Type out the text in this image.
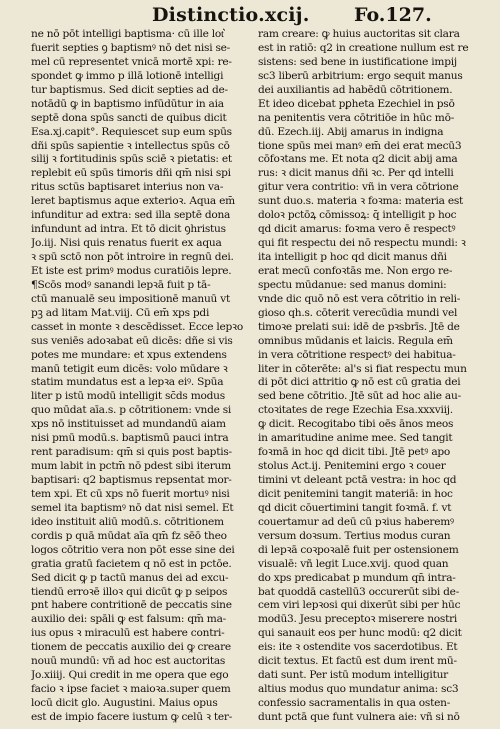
Distinctio.xcij. Fo.127.
ne nō pōt intelligi baptisma· cū ille lot͛
fuerit septies ꝯ baptismꝰ nō det nisi se-
mel cū representet vnicā mortē xpi: re-
spondet ꝙ immo p illā lotionē intelligi
tur baptismus. Sed dicit septies ad de-
notādū ꝙ in baptismo infūdūtur in aia
septē dona spūs sancti de quibus dicit
Esa.xj.capit°. Requiescet sup eum spūs
dñi spūs sapientie ꝛ intellectus spūs cō
silij ꝛ fortitudinis spūs sciē ꝛ pietatis: et
replebit eū spūs timoris dñi qm̄ nisi spi
ritus sctūs baptisaret interius non va-
leret baptismus aque exterioꝛ. Aqua em̄
infunditur ad extra: sed illa septē dona
infundunt ad intra. Et tō dicit ꝯhristus
Jo.iij. Nisi quis renatus fuerit ex aqua
ꝛ spū sctō non pōt introire in regnū dei.
Et iste est primꝰ modus curatiōis lepre.
¶Scōs modꝰ sanandi lepꝛā fuit p tā-
ctū manualē seu impositionē manuū vt
pꝫ ad litam Mat.viij. Cū em̄ xps pdi
casset in monte ꝛ descēdisset. Ecce lepꝛo
sus veniēs adoꝛabat eū dicēs: dñe si vis
potes me mundare: et xpus extendens
manū tetigit eum dicēs: volo mūdare ꝛ
statim mundatus est a lepꝛa eiꝰ. Spūa
liter p istū modū intelligit sc̄ds modus
quo mūdat aīa.s. p cōtritionem: vnde si
xps nō instituisset ad mundandū aiam
nisi pmū modū.s. baptismū pauci intra
rent paradisum: qm̄ si quis post baptis-
mum labit in pctm̄ nō pdest sibi iterum
baptisari: q2 baptismus repsentat mor-
tem xpi. Et cū xps nō fuerit mortuꝰ nisi
semel ita baptismꝰ nō dat nisi semel. Et
ideo instituit aliū modū.s. cōtritionem
cordis p quā mūdat aīa qm̄ fz sēō theo
logos cōtritio vera non pōt esse sine dei
gratia gratū facietem q nō est in pctōe.
Sed dicit ꝙ p tactū manus dei ad excu-
tiendū erroꝛē illoꝛ qui dicūt ꝙ p seipos
pnt habere contritionē de peccatis sine
auxilio dei: spāli ꝙ est falsum: qm̄ ma-
ius opus ꝛ miraculū est habere contri-
tionem de peccatis auxilio dei ꝙ creare
nouū mundū: vñ ad hoc est auctoritas
Jo.xiiij. Qui credit in me opera que ego
facio ꝛ ipse faciet ꝛ maioꝛa.super quem
locū dicit glo. Augustini. Maius opus
est de impio facere iustum ꝙ celū ꝛ ter-
ram creare: ꝙ huius auctoritas sit clara
est in ratiō: q2 in creatione nullum est re
sistens: sed bene in iustificatione impij
sc3 liberū arbitrium: ergo sequit manus
dei auxiliantis ad habēdū cōtritionem.
Et ideo dicebat pꝑheta Ezechiel in psō
na penitentis vera cōtritiōe in hūc mō-
dū. Ezech.iij. Abij amarus in indigna
tione spūs mei manꝰ em̄ dei erat mecū3
cōfoꝛtans me. Et nota q2 dicit abij ama
rus: ꝛ dicit manus dñi ꝛc. Per qd̄ intelli
gitur vera contritio: vñ in vera cōtrione
sunt duo.s. materia ꝛ foꝛma: materia est
doloꝛ pctōꝝ cōmissoꝝ: q̄ intelligit p hoc
qd̄ dicit amarus: foꝛma vero ē respectꝰ
qui fit respectu dei nō respectu mundi: ꝛ
ita intelligit p hoc qd̄ dicit manus dñi
erat mecū confoꝛtās me. Non ergo re-
spectu mūdanue: sed manus domini:
vnde dic quō nō est vera cōtritio in reli-
gioso qh.s. cōterit verecūdia mundi vel
timoꝛe prelati sui: idē de pꝛsbrīs. Jtē de
omnibus mūdanis et laicis. Regula em̄
in vera cōtritione respectꝰ dei habitua-
liter in cōterēte: al's si fiat respectu mun
di pōt dici attritio ꝙ nō est cū gratia dei
sed bene cōtritio. Jtē sūt ad hoc alie au-
ctoꝛitates de rege Ezechia Esa.xxxviij.
ꝙ dicit. Recogitabo tibi oēs ānos meos
in amaritudine anime mee. Sed tangit
foꝛmā in hoc qd̄ dicit tibi. Jtē petꝰ apo
stolus Act.ij. Penitemini ergo ꝛ couer
timini vt deleant pctā vestra: in hoc qd̄
dicit penitemini tangit materiā: in hoc
qd̄ dicit cōuertimini tangit foꝛmā. f. vt
couertamur ad deū cū pꝛius haberemꝰ
versum doꝛsum. Tertius modus curan
di lepꝛā coꝛpoꝛalē fuit per ostensionem
visualē: vñ legit Luce.xvij. quod quan
do xps predicabat p mundum qn̄ intra-
bat quoddā castellū3 occurerūt sibi de-
cem viri lepꝛosi qui dixerūt sibi per hūc
modū3. Jesu preceptoꝛ miserere nostri
qui sanauit eos per hunc modū: q2 dicit
eis: ite ꝛ ostendite vos sacerdotibus. Et
dicit textus. Et factū est dum irent mū-
dati sunt. Per istū modum intelligitur
altius modus quo mundatur anima: sc3
confessio sacramentalis in qua osten-
dunt pctā que funt vulnera aie: vñ si nō
